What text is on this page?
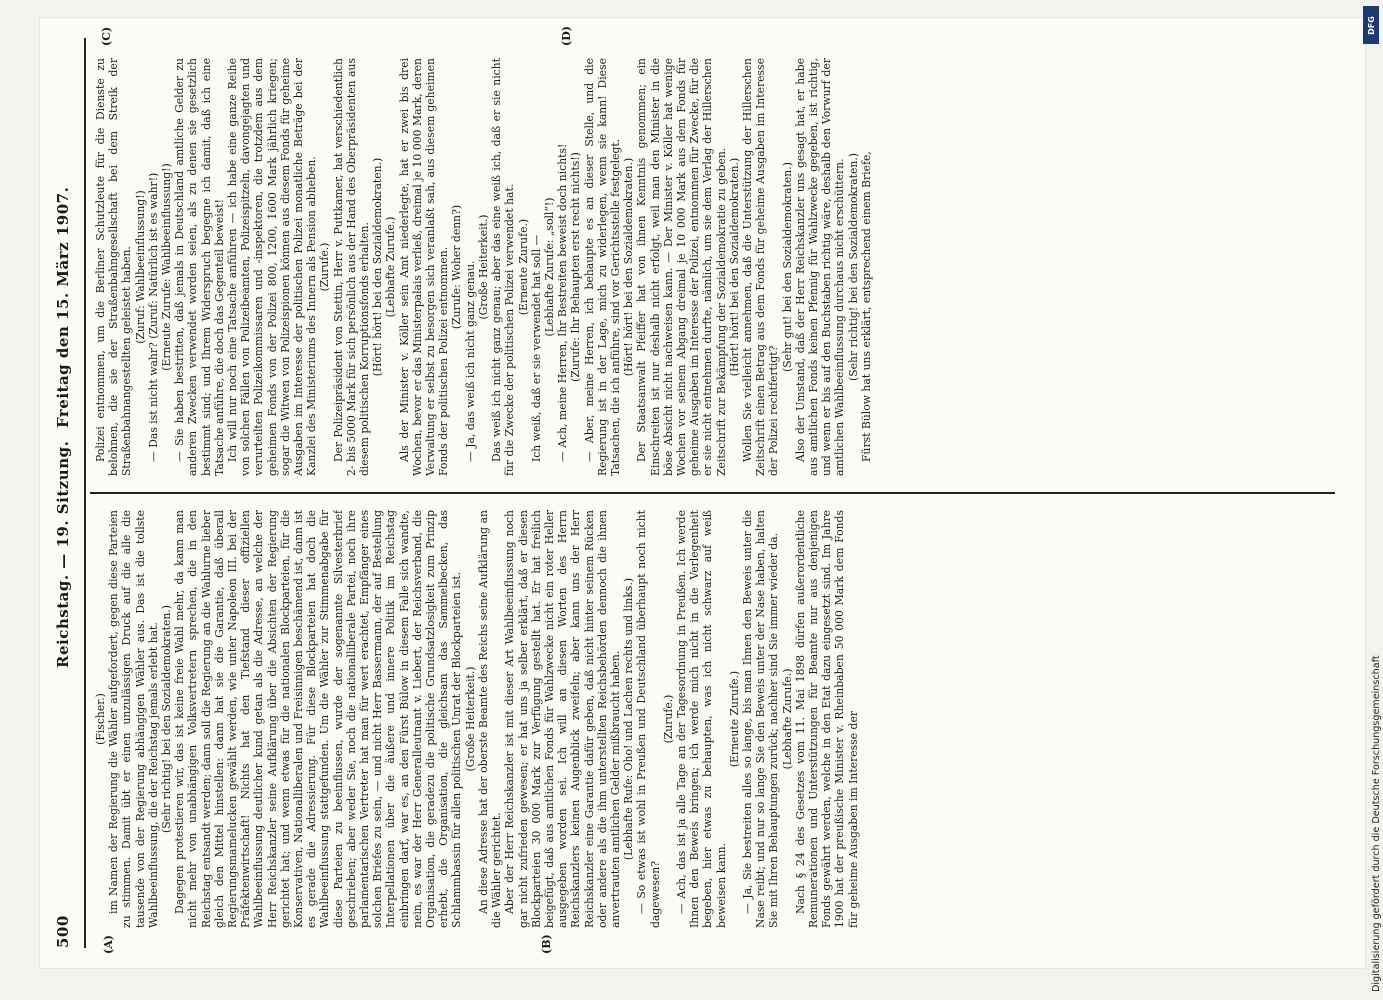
500
Reichstag. — 19. Sitzung.
Freitag den 15. März 1907.
(A)	(B)
(C)	(D)

(Fischer.) im Namen der Regierung die Wähler aufgefordert, gegen diese Parteien zu stimmen. Damit übt er einen unzulässigen Druck auf die alle die tausende von der Regierung abhängigen Wähler aus. Das ist die tollste Wahlbeeinflussung, die der Reichstag jemals erlebt hat. (Sehr richtig! bei den Sozialdemokraten.) Dagegen protestieren wir, das ist keine freie Wahl mehr, da kann man nicht mehr von unabhängigen Volksvertretern sprechen, die in den Reichstag entsandt werden; dann soll die Regierung an die Wahlurne lieber gleich den Mittel hinstellen: dann hat sie die Garantie, daß überall Regierungsmamelucken gewählt werden, wie unter Napoleon III. bei der Präfektenwirtschaft! Nichts hat den Tiefstand dieser offiziellen Wahlbeeinflussung deutlicher kund getan als die Adresse, an welche der Herr Reichskanzler seine Aufklärung über die Absichten der Regierung gerichtet hat; und wenn etwas für die nationalen Blockparteien, für die Konservativen, Nationalliberalen und Freisinnigen beschämend ist, dann ist es gerade die Adressierung. Für diese Blockparteien hat doch die Wahlbeeinflussung stattgefunden. Um die Wähler zur Stimmenabgabe für diese Parteien zu beeinflussen, wurde der sogenannte Silvesterbrief geschrieben; aber weder Sie, noch die nationalliberale Partei, noch ihre parlamentarischen Vertreter hat man für wert erachtet, Empfänger eines solchen Briefes zu sein, — und nicht Herr Bassermann, der auf Bestellung Interpellationen über die äußere und innere Politik im Reichstag einbringen darf, war es, an den Fürst Bülow in diesem Falle sich wandte, nein, es war der Herr Generalleutnant v. Liebert, der Reichsverband, die Organisation, die geradezu die politische Grundsatzlosigkeit zum Prinzip erhebt, die Organisation, die gleichsam das Sammelbecken, das Schlammbassin für allen politischen Unrat der Blockparteien ist. (Große Heiterkeit.) An diese Adresse hat der oberste Beamte des Reichs seine Aufklärung an die Wähler gerichtet. Aber der Herr Reichskanzler ist mit dieser Art Wahlbeeinflussung noch gar nicht zufrieden gewesen; er hat uns ja selber erklärt, daß er diesen Blockparteien 30 000 Mark zur Verfügung gestellt hat. Er hat freilich beigefügt, daß aus amtlichen Fonds für Wahlzwecke nicht ein roter Heller ausgegeben worden sei. Ich will an diesen Worten des Herrn Reichskanzlers keinen Augenblick zweifeln; aber kann uns der Herr Reichskanzler eine Garantie dafür geben, daß nicht hinter seinem Rücken oder andere als die ihm unterstellten Reichsbehörden dennoch die ihnen anvertrauten amtlichen Gelder mißbraucht haben. (Lebhafte Rufe: Oho! und Lachen rechts und links.) — So etwas ist wohl in Preußen und Deutschland überhaupt noch nicht dagewesen?

(Zurufe.) — Ach, das ist ja alle Tage an der Tagesordnung in Preußen. Ich werde Ihnen den Beweis bringen; ich werde mich nicht in die Verlegenheit begeben, hier etwas zu behaupten, was ich nicht schwarz auf weiß beweisen kann.

(Erneute Zurufe.) — Ja, Sie bestreiten alles so lange, bis man Ihnen den Beweis unter die Nase reibt; und nur so lange Sie den Beweis unter der Nase haben, halten Sie mit Ihren Behauptungen zurück; nachher sind Sie immer wieder da. (Lebhafte Zurufe.) Nach § 24 des Gesetzes vom 11. Mai 1898 dürfen außerordentliche Remunerationen und Unterstützungen für Beamte nur aus denjenigen Fonds gewährt werden, welche in den Etat dazu eingesetzt sind. Im Jahre 1900 hat der preußische Minister v. Rheinbaben 50 000 Mark dem Fonds für geheime Ausgaben im Interesse der

Polizei entnommen, um die Berliner Schutzleute für die Dienste zu belohnen, die sie der Straßenbahngesellschaft bei dem Streik der Straßenbahnangestellten geleistet haben. (Zuruf: Wahlbeeinflussung!) — Das ist nicht wahr? (Zuruf: Natürlich ist es wahr!) (Erneute Zurufe: Wahlbeeinflussung!) — Sie haben bestritten, daß jemals in Deutschland amtliche Gelder zu anderen Zwecken verwendet worden seien, als zu denen sie gesetzlich bestimmt sind; und Ihrem Widerspruch begegne ich damit, daß ich eine Tatsache anführe, die doch das Gegenteil beweist! Ich will nur noch eine Tatsache anführen — ich habe eine ganze Reihe von solchen Fällen von Polizeibeamten, Polizeispitzeln, davongejagten und verurteilten Polizeikommissaren und -inspektoren, die trotzdem aus dem geheimen Fonds von der Polizei 800, 1200, 1600 Mark jährlich kriegen; sogar die Witwen von Polizeispionen können aus diesem Fonds für geheime Ausgaben im Interesse der politischen Polizei monatliche Beträge bei der Kanzlei des Ministeriums des Innern als Pension abheben. (Zurufe.) Der Polizeipräsident von Stettin, Herr v. Puttkamer, hat verschiedentlich 2- bis 5000 Mark für sich persönlich aus der Hand des Oberpräsidenten aus diesem politischen Korruptionsfonds erhalten. (Hört! hört! bei den Sozialdemokraten.) (Lebhafte Zurufe.) Als der Minister v. Köller sein Amt niederlegte, hat er zwei bis drei Wochen, bevor er das Ministerpalais verließ, dreimal je 10 000 Mark, deren Verwaltung er selbst zu besorgen sich veranlaßt sah, aus diesem geheimen Fonds der politischen Polizei entnommen. (Zurufe: Woher denn?) — Ja, das weiß ich nicht ganz genau. (Große Heiterkeit.) Das weiß ich nicht ganz genau; aber das eine weiß ich, daß er sie nicht für die Zwecke der politischen Polizei verwendet hat. (Erneute Zurufe.) Ich weiß, daß er sie verwendet hat soll — (Lebhafte Zurufe: „soll“!) — Ach, meine Herren, Ihr Bestreiten beweist doch nichts! (Zurufe: Ihr Behaupten erst recht nichts!) — Aber, meine Herren, ich behaupte es an dieser Stelle, und die Regierung ist in der Lage, mich zu widerlegen, wenn sie kann! Diese Tatsachen, die ich anführe, sind vor Gerichtsstelle festgelegt. (Hört! hört! bei den Sozialdemokraten.) Der Staatsanwalt Pfeiffer hat von ihnen Kenntnis genommen; ein Einschreiten ist nur deshalb nicht erfolgt, weil man den Minister in die böse Absicht nicht nachweisen kann. — Der Minister v. Köller hat wenige Wochen vor seinem Abgang dreimal je 10 000 Mark aus dem Fonds für geheime Ausgaben im Interesse der Polizei, entnommen für Zwecke, für die er sie nicht entnehmen durfte, nämlich, um sie dem Verlag der Hillerschen Zeitschrift zur Bekämpfung der Sozialdemokratie zu geben. (Hört! hört! bei den Sozialdemokraten.) Wollen Sie vielleicht annehmen, daß die Unterstützung der Hillerschen Zeitschrift einen Betrag aus dem Fonds für geheime Ausgaben im Interesse der Polizei rechtfertigt?

(Sehr gut! bei den Sozialdemokraten.) Also der Umstand, daß der Herr Reichskanzler uns gesagt hat, er habe aus amtlichen Fonds keinen Pfennig für Wahlzwecke gegeben, ist richtig, und wenn er bis auf den Buchstaben richtig wäre, deshalb den Vorwurf der amtlichen Wahlbeeinflussung durchaus nicht erschüttern. (Sehr richtig! bei den Sozialdemokraten.) Fürst Bülow hat uns erklärt, entsprechend einem Briefe,

DFG
Digitalisierung gefördert durch die Deutsche Forschungsgemeinschaft
